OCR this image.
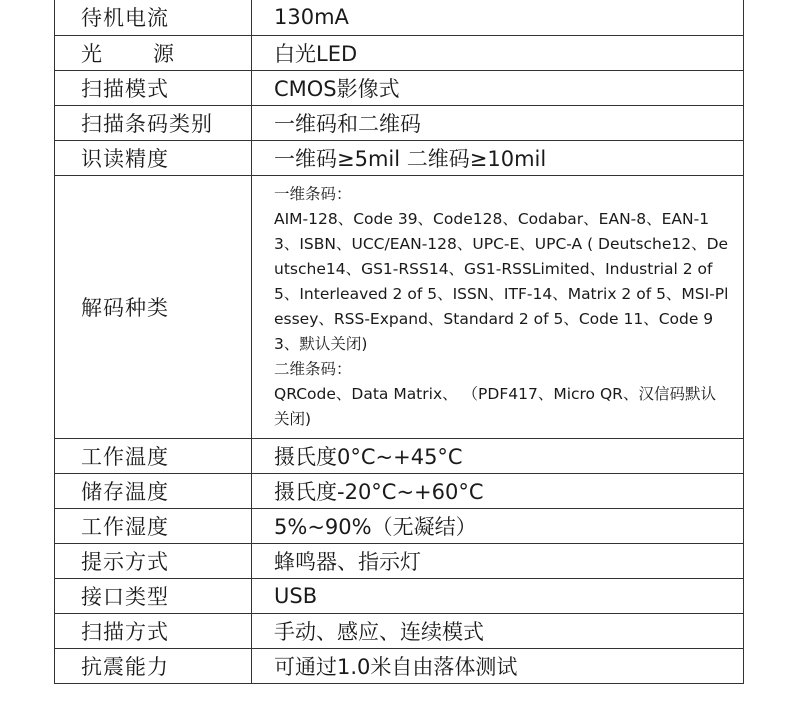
待机电流	130mA
光 源	白光LED
扫描模式	CMOS影像式
扫描条码类别	一维码和二维码
识读精度	一维码≥5mil 二维码≥10mil
解码种类	一维条码：
AIM-128、Code 39、Code128、Codabar、EAN-8、EAN-13、ISBN、UCC/EAN-128、UPC-E、UPC-A ( Deutsche12、Deutsche14、GS1-RSS14、GS1-RSSLimited、Industrial 2 of 5、Interleaved 2 of 5、ISSN、ITF-14、Matrix 2 of 5、MSI-Plessey、RSS-Expand、Standard 2 of 5、Code 11、Code 93、默认关闭)
二维条码：
QRCode、Data Matrix、 （PDF417、Micro QR、汉信码默认关闭)

工作温度	摄氏度0°C~+45°C
储存温度	摄氏度-20°C~+60°C
工作湿度	5%~90%（无凝结）
提示方式	蜂鸣器、指示灯
接口类型	USB
扫描方式	手动、感应、连续模式
抗震能力	可通过1.0米自由落体测试
